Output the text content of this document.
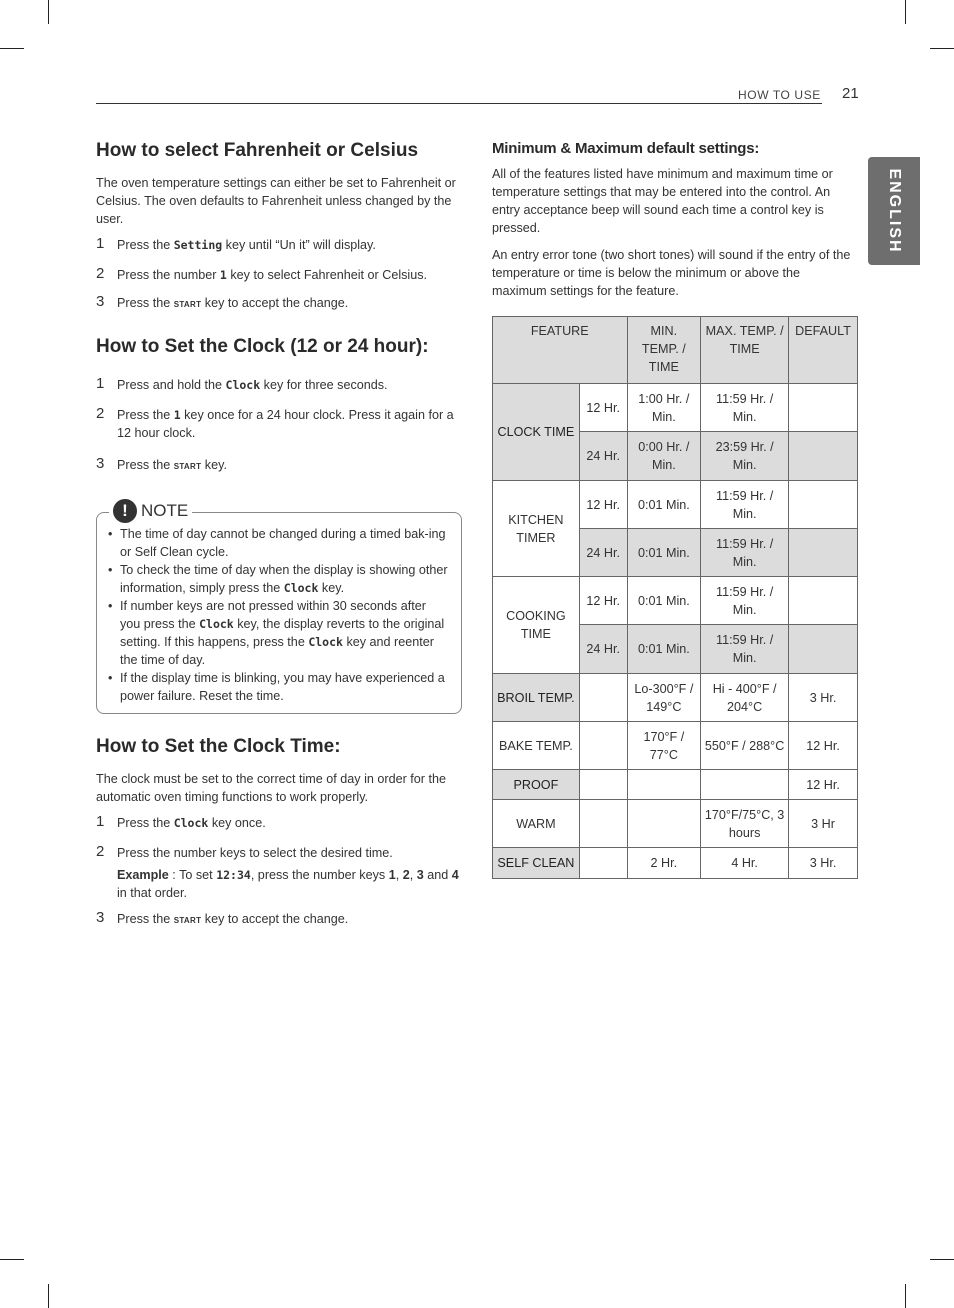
HOW TO USE 21
ENGLISH
How to select Fahrenheit or Celsius

The oven temperature settings can either be set to Fahrenheit or Celsius. The oven defaults to Fahrenheit unless changed by the user.

1 Press the Setting key until “Un it” will display.
2 Press the number 1 key to select Fahrenheit or Celsius.
3 Press the START key to accept the change.
How to Set the Clock (12 or 24 hour):
1 Press and hold the Clock key for three seconds.
2 Press the 1 key once for a 24 hour clock. Press it again for a 12 hour clock.
3 Press the START key.
! NOTE
• The time of day cannot be changed during a timed bak-ing or Self Clean cycle.
• To check the time of day when the display is showing other information, simply press the Clock key.
• If number keys are not pressed within 30 seconds after you press the Clock key, the display reverts to the original setting. If this happens, press the Clock key and reenter the time of day.
• If the display time is blinking, you may have experienced a power failure. Reset the time.
How to Set the Clock Time:

The clock must be set to the correct time of day in order for the automatic oven timing functions to work properly.

1 Press the Clock key once.
2 Press the number keys to select the desired time.
Example : To set 12:34, press the number keys 1, 2, 3 and 4 in that order.
3 Press the START key to accept the change.
Minimum & Maximum default settings:

All of the features listed have minimum and maximum time or temperature settings that may be entered into the control. An entry acceptance beep will sound each time a control key is pressed.

An entry error tone (two short tones) will sound if the entry of the temperature or time is below the minimum or above the maximum settings for the feature.

FEATURE		MIN. TEMP. / TIME	MAX. TEMP. / TIME	DEFAULT
CLOCK TIME	12 Hr.	1:00 Hr. / Min.	11:59 Hr. / Min.	
	24 Hr.	0:00 Hr. / Min.	23:59 Hr. / Min.	
KITCHEN TIMER	12 Hr.	0:01 Min.	11:59 Hr. / Min.	
	24 Hr.	0:01 Min.	11:59 Hr. / Min.	
COOKING TIME	12 Hr.	0:01 Min.	11:59 Hr. / Min.	
	24 Hr.	0:01 Min.	11:59 Hr. / Min.	
BROIL TEMP.		Lo-300°F / 149°C	Hi - 400°F / 204°C	3 Hr.
BAKE TEMP.		170°F / 77°C	550°F / 288°C	12 Hr.
PROOF				12 Hr.
WARM			170°F/75°C, 3 hours	3 Hr
SELF CLEAN		2 Hr.	4 Hr.	3 Hr.
